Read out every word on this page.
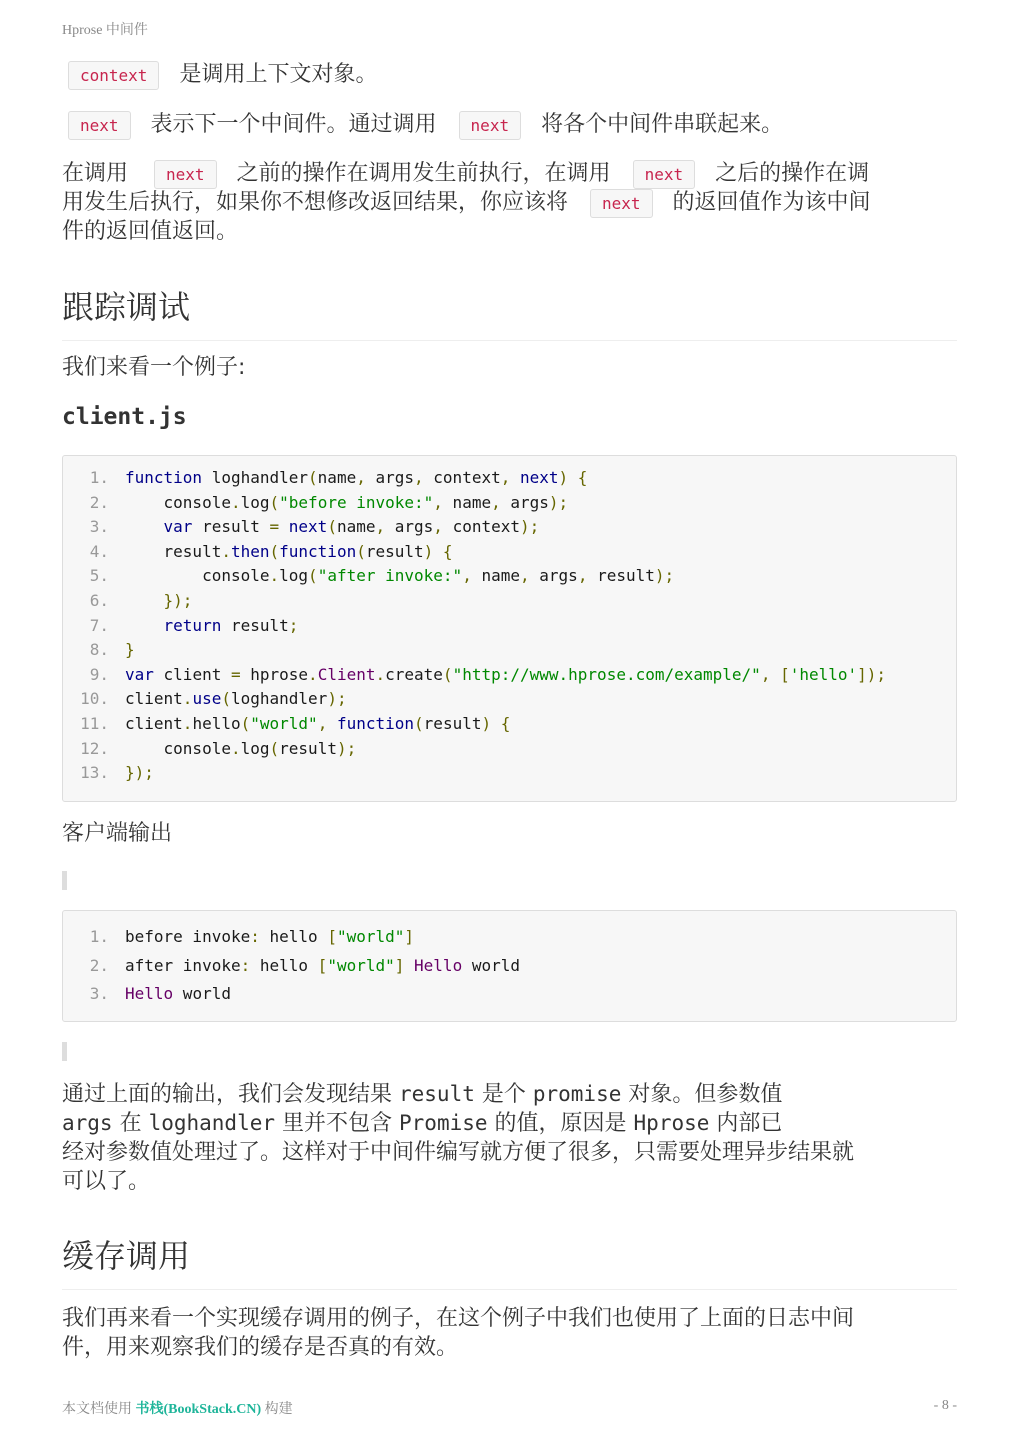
Hprose 中间件

context 是调用上下文对象。

next 表示下一个中间件。通过调用 next 将各个中间件串联起来。

在调用 next 之前的操作在调用发生前执行，在调用 next 之后的操作在调

用发生后执行，如果你不想修改返回结果，你应该将 next 的返回值作为该中间

件的返回值返回。

跟踪调试

我们来看一个例子:

client.js
1.	function loghandler(name, args, context, next) {
2.	console.log("before invoke:", name, args);
3.	var result = next(name, args, context);
4.	result.then(function(result) {
5.	console.log("after invoke:", name, args, result);
6.	});
7.	return result;
8.	}
9.	var client = hprose.Client.create("http://www.hprose.com/example/", ['hello']);
10.	client.use(loghandler);
11.	client.hello("world", function(result) {
12.	console.log(result);
13.	});

客户端输出

1.	before invoke: hello ["world"]
2.	after invoke: hello ["world"] Hello world
3.	Hello world

通过上面的输出，我们会发现结果 result 是个 promise 对象。但参数值

args 在 loghandler 里并不包含 Promise 的值，原因是 Hprose 内部已

经对参数值处理过了。这样对于中间件编写就方便了很多，只需要处理异步结果就

可以了。

缓存调用

我们再来看一个实现缓存调用的例子，在这个例子中我们也使用了上面的日志中间

件，用来观察我们的缓存是否真的有效。

本文档使用 书栈(BookStack.CN) 构建	- 8 -
